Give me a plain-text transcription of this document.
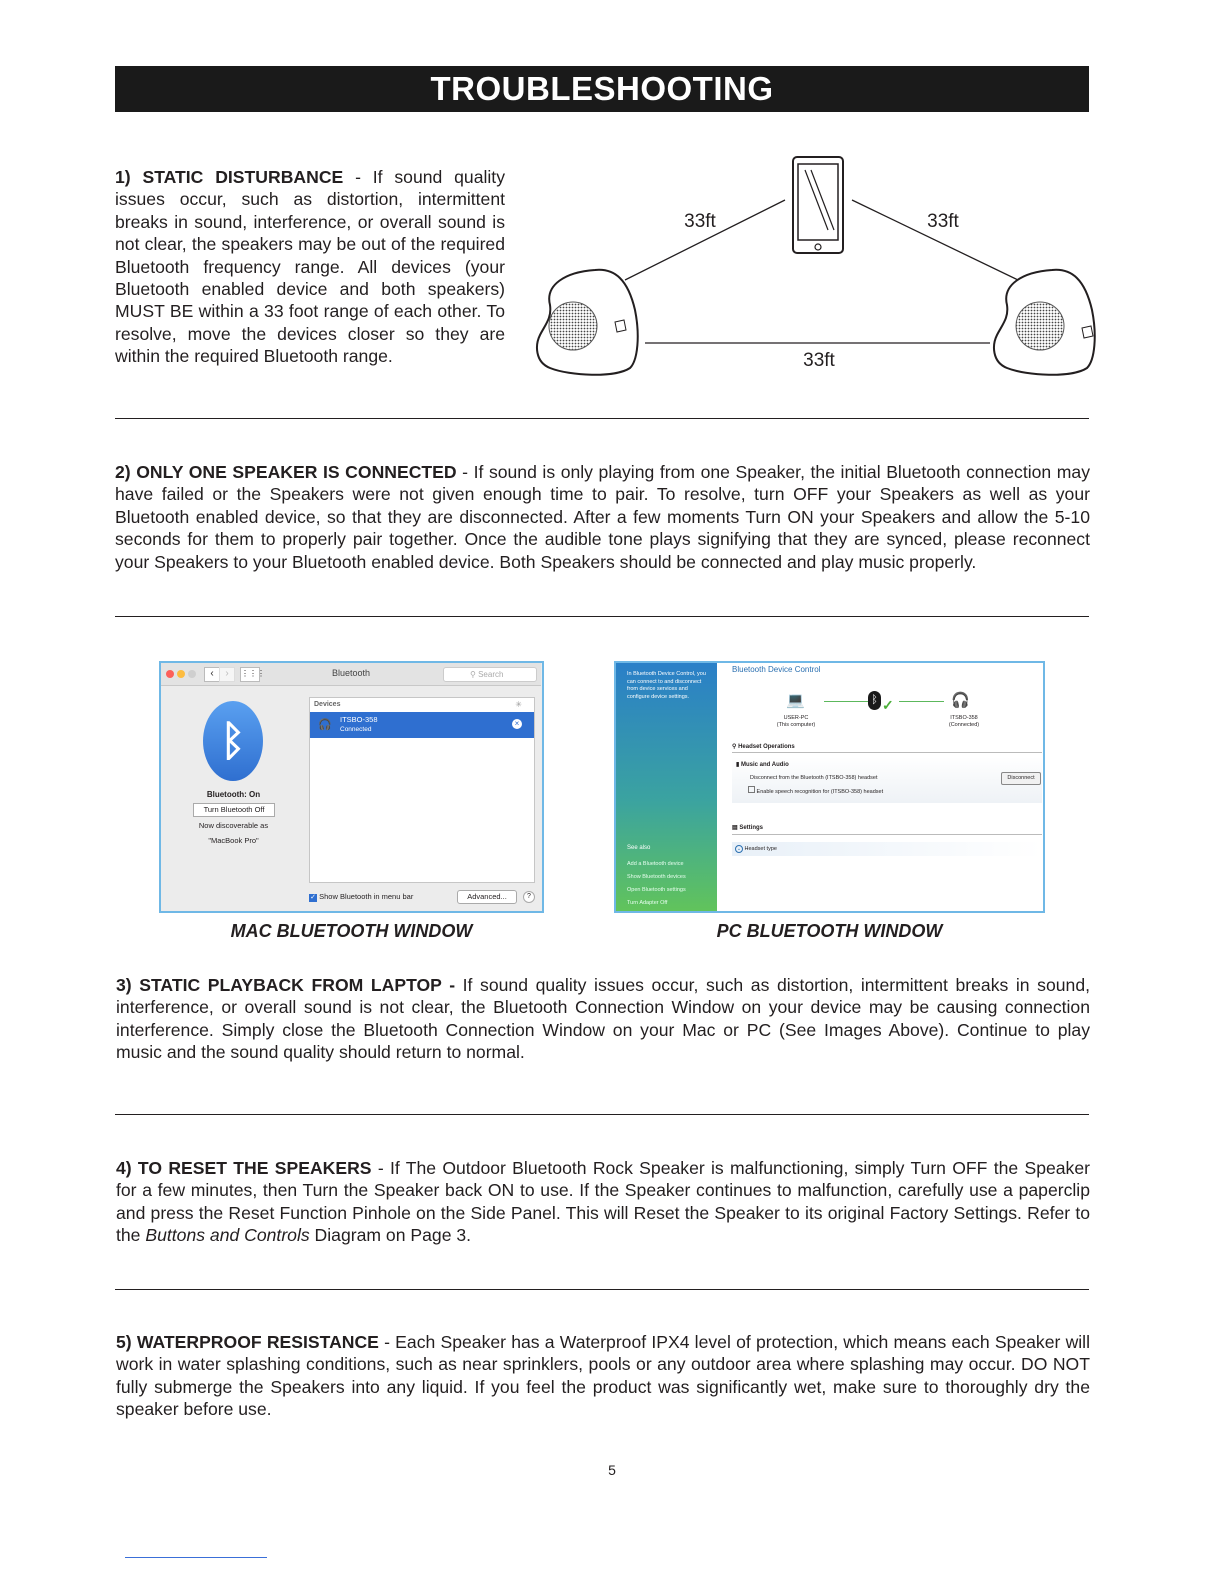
TROUBLESHOOTING
1) STATIC DISTURBANCE - If sound quality issues occur, such as distortion, intermittent breaks in sound, interference, or overall sound is not clear, the speakers may be out of the required Bluetooth frequency range. All devices (your Bluetooth enabled device and both speakers) MUST BE within a 33 foot range of each other. To resolve, move the devices closer so they are within the required Bluetooth range.
33ft	33ft
33ft
2) ONLY ONE SPEAKER IS CONNECTED - If sound is only playing from one Speaker, the initial Bluetooth connection may have failed or the Speakers were not given enough time to pair. To resolve, turn OFF your Speakers as well as your Bluetooth enabled device, so that they are disconnected. After a few moments Turn ON your Speakers and allow the 5-10 seconds for them to properly pair together. Once the audible tone plays signifying that they are synced, please reconnect your Speakers to your Bluetooth enabled device. Both Speakers should be connected and play music properly.
‹	›	⋮⋮⋮	Bluetooth	⚲ Search
ᛒ
Bluetooth: On
Turn Bluetooth Off
Now discoverable as
"MacBook Pro"
Devices	✳
🎧 ITSBO-358
Connected
×
✓ Show Bluetooth in menu bar	Advanced...	?
In Bluetooth Device Control, you can connect to and disconnect from device services and configure device settings.
See also
Add a Bluetooth device
Show Bluetooth devices
Open Bluetooth settings
Turn Adapter Off
Bluetooth Device Control
💻
USER-PC
(This computer)
ᛒ ✓	🎧
ITSBO-358
(Connected)
⚲ Headset Operations
▮ Music and Audio
Disconnect from the Bluetooth (ITSBO-358) headset
Enable speech recognition for (ITSBO-358) headset
Disconnect
▤ Settings
⌄ Headset type
MAC BLUETOOTH WINDOW	PC BLUETOOTH WINDOW
3) STATIC PLAYBACK FROM LAPTOP - If sound quality issues occur, such as distortion, intermittent breaks in sound, interference, or overall sound is not clear, the Bluetooth Connection Window on your device may be causing connection interference. Simply close the Bluetooth Connection Window on your Mac or PC (See Images Above). Continue to play music and the sound quality should return to normal.
4) TO RESET THE SPEAKERS - If The Outdoor Bluetooth Rock Speaker is malfunctioning, simply Turn OFF the Speaker for a few minutes, then Turn the Speaker back ON to use. If the Speaker continues to malfunction, carefully use a paperclip and press the Reset Function Pinhole on the Side Panel. This will Reset the Speaker to its original Factory Settings. Refer to the Buttons and Controls Diagram on Page 3.
5) WATERPROOF RESISTANCE - Each Speaker has a Waterproof IPX4 level of protection, which means each Speaker will work in water splashing conditions, such as near sprinklers, pools or any outdoor area where splashing may occur. DO NOT fully submerge the Speakers into any liquid. If you feel the product was significantly wet, make sure to thoroughly dry the speaker before use.
5
